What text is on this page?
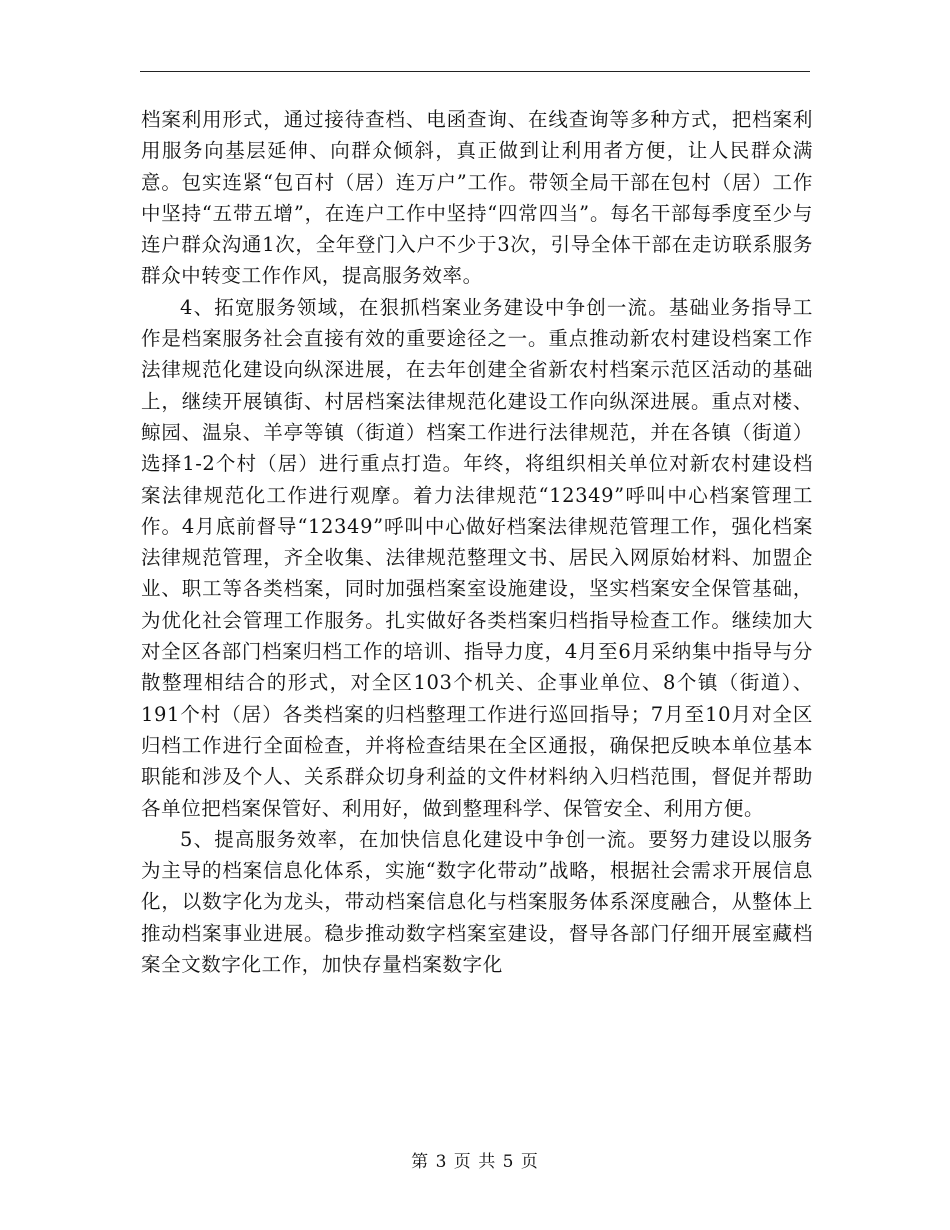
档案利用形式，通过接待查档、电函查询、在线查询等多种方式，把档案利用服务向基层延伸、向群众倾斜，真正做到让利用者方便，让人民群众满意。包实连紧“包百村（居）连万户”工作。带领全局干部在包村（居）工作中坚持“五带五增”，在连户工作中坚持“四常四当”。每名干部每季度至少与连户群众沟通1次，全年登门入户不少于3次，引导全体干部在走访联系服务群众中转变工作作风，提高服务效率。

4、拓宽服务领域，在狠抓档案业务建设中争创一流。基础业务指导工作是档案服务社会直接有效的重要途径之一。重点推动新农村建设档案工作法律规范化建设向纵深进展，在去年创建全省新农村档案示范区活动的基础上，继续开展镇街、村居档案法律规范化建设工作向纵深进展。重点对楼、鲸园、温泉、羊亭等镇（街道）档案工作进行法律规范，并在各镇（街道）选择1-2个村（居）进行重点打造。年终，将组织相关单位对新农村建设档案法律规范化工作进行观摩。着力法律规范“12349”呼叫中心档案管理工作。4月底前督导“12349”呼叫中心做好档案法律规范管理工作，强化档案法律规范管理，齐全收集、法律规范整理文书、居民入网原始材料、加盟企业、职工等各类档案，同时加强档案室设施建设，坚实档案安全保管基础，为优化社会管理工作服务。扎实做好各类档案归档指导检查工作。继续加大对全区各部门档案归档工作的培训、指导力度，4月至6月采纳集中指导与分散整理相结合的形式，对全区103个机关、企事业单位、8个镇（街道）、191个村（居）各类档案的归档整理工作进行巡回指导；7月至10月对全区归档工作进行全面检查，并将检查结果在全区通报，确保把反映本单位基本职能和涉及个人、关系群众切身利益的文件材料纳入归档范围，督促并帮助各单位把档案保管好、利用好，做到整理科学、保管安全、利用方便。

5、提高服务效率，在加快信息化建设中争创一流。要努力建设以服务为主导的档案信息化体系，实施“数字化带动”战略，根据社会需求开展信息化，以数字化为龙头，带动档案信息化与档案服务体系深度融合，从整体上推动档案事业进展。稳步推动数字档案室建设，督导各部门仔细开展室藏档案全文数字化工作，加快存量档案数字化

第 3 页 共 5 页
